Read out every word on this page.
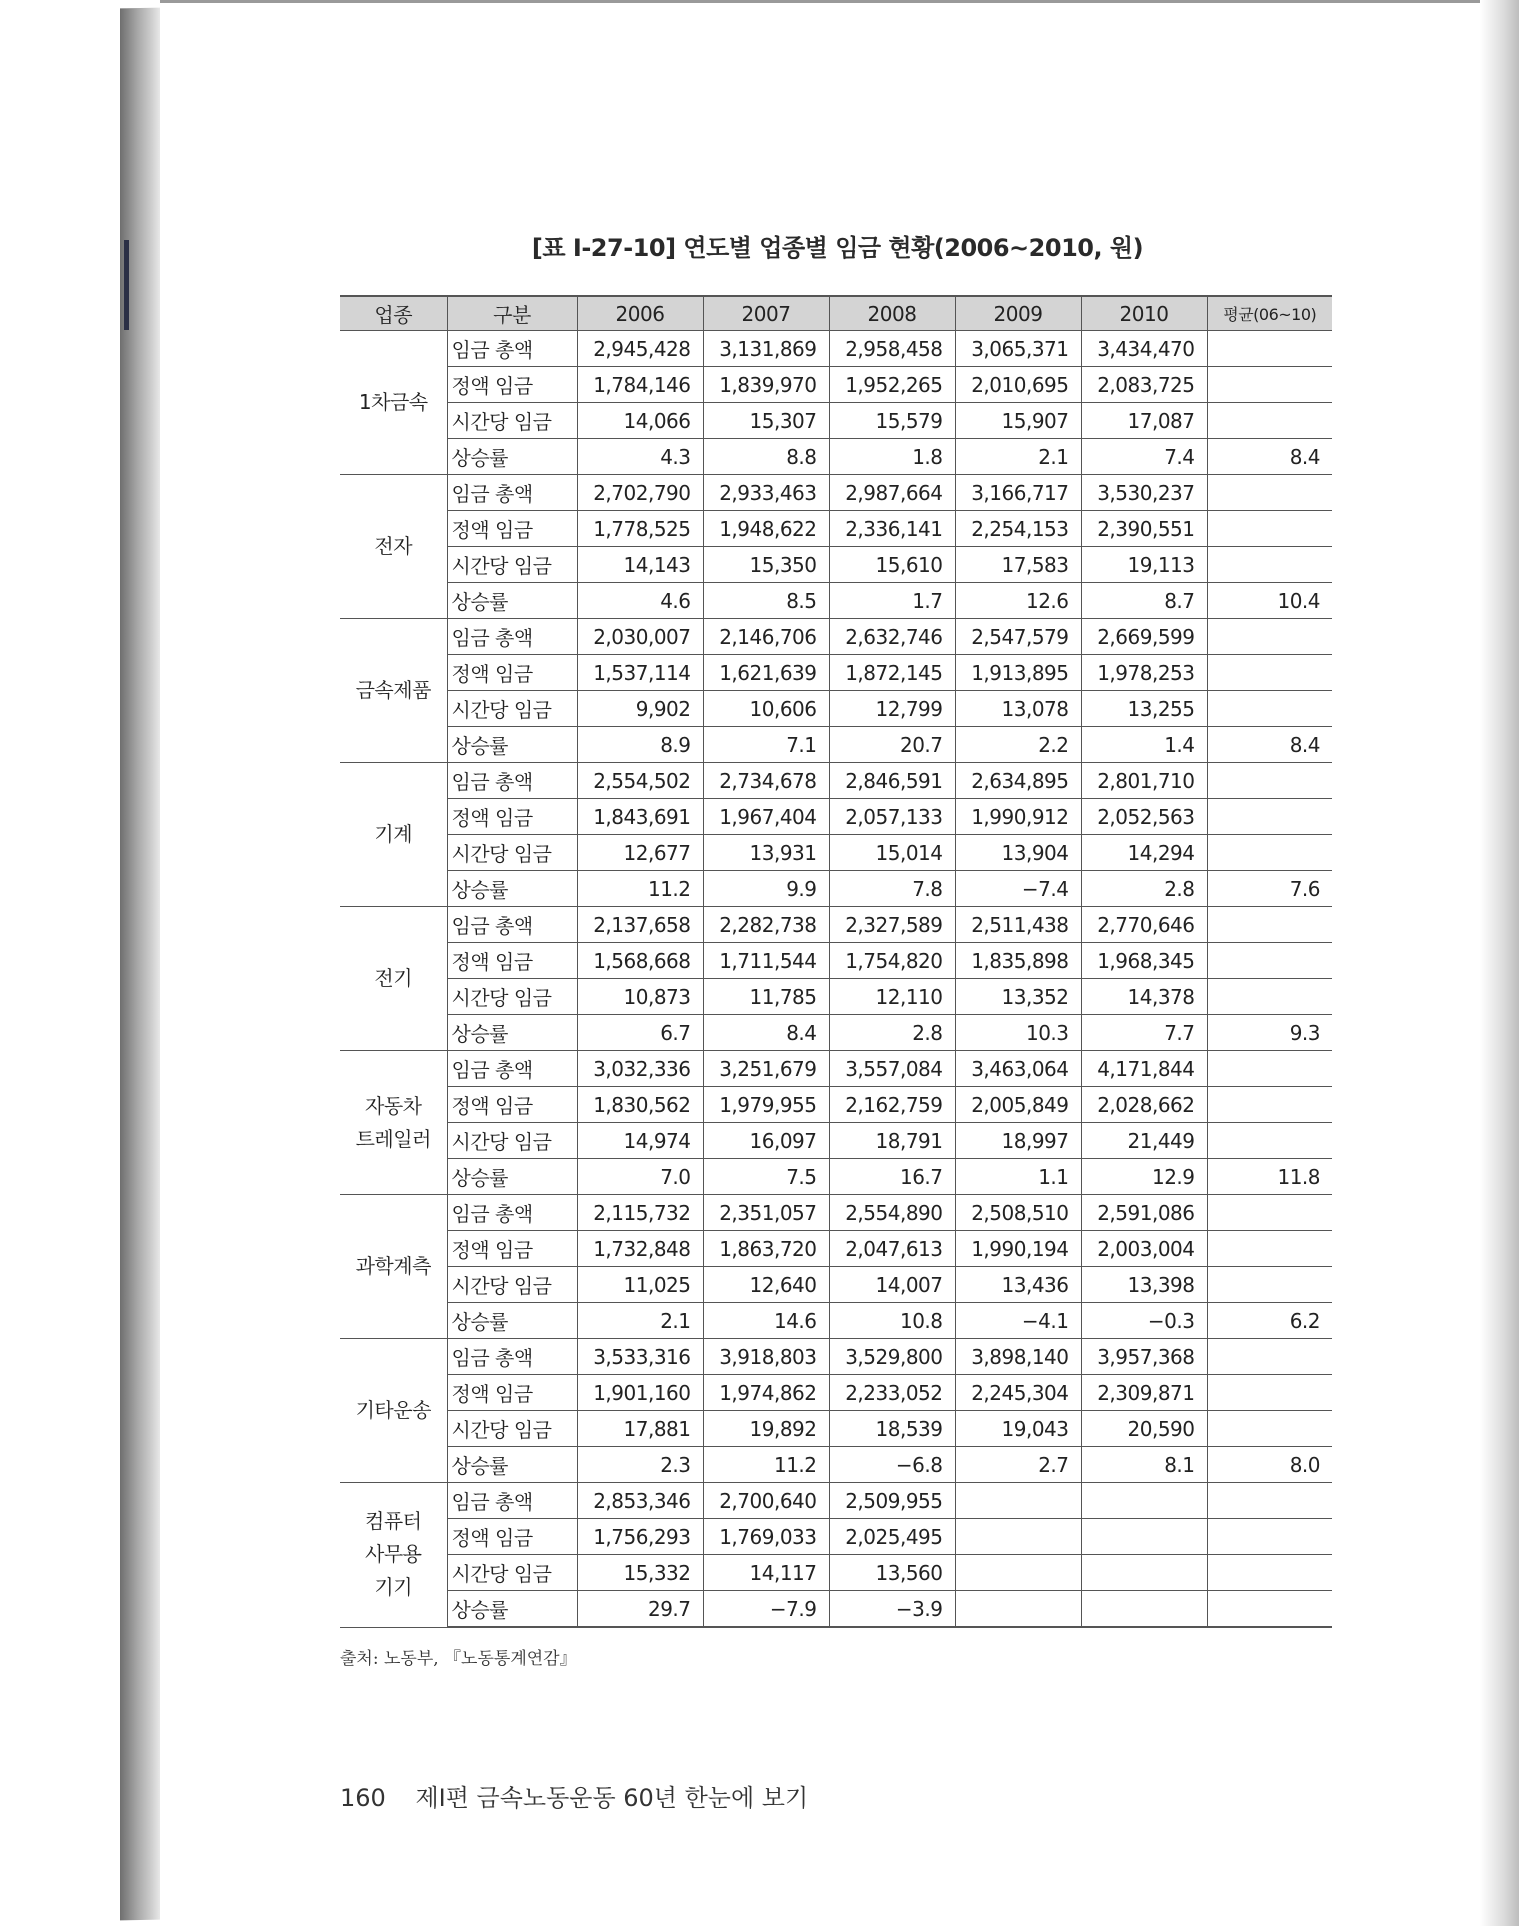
[표 Ⅰ-27-10] 연도별 업종별 임금 현황(2006~2010, 원)
업종	구분	2006	2007	2008	2009	2010	평균(06~10)

1차금속	임금 총액	2,945,428	3,131,869	2,958,458	3,065,371	3,434,470	
	정액 임금	1,784,146	1,839,970	1,952,265	2,010,695	2,083,725	
	시간당 임금	14,066	15,307	15,579	15,907	17,087	
	상승률	4.3	8.8	1.8	2.1	7.4	8.4

전자	임금 총액	2,702,790	2,933,463	2,987,664	3,166,717	3,530,237	
	정액 임금	1,778,525	1,948,622	2,336,141	2,254,153	2,390,551	
	시간당 임금	14,143	15,350	15,610	17,583	19,113	
	상승률	4.6	8.5	1.7	12.6	8.7	10.4

금속제품	임금 총액	2,030,007	2,146,706	2,632,746	2,547,579	2,669,599	
	정액 임금	1,537,114	1,621,639	1,872,145	1,913,895	1,978,253	
	시간당 임금	9,902	10,606	12,799	13,078	13,255	
	상승률	8.9	7.1	20.7	2.2	1.4	8.4

기계	임금 총액	2,554,502	2,734,678	2,846,591	2,634,895	2,801,710	
	정액 임금	1,843,691	1,967,404	2,057,133	1,990,912	2,052,563	
	시간당 임금	12,677	13,931	15,014	13,904	14,294	
	상승률	11.2	9.9	7.8	−7.4	2.8	7.6

전기	임금 총액	2,137,658	2,282,738	2,327,589	2,511,438	2,770,646	
	정액 임금	1,568,668	1,711,544	1,754,820	1,835,898	1,968,345	
	시간당 임금	10,873	11,785	12,110	13,352	14,378	
	상승률	6.7	8.4	2.8	10.3	7.7	9.3

자동차
트레일러	임금 총액	3,032,336	3,251,679	3,557,084	3,463,064	4,171,844	
	정액 임금	1,830,562	1,979,955	2,162,759	2,005,849	2,028,662	
	시간당 임금	14,974	16,097	18,791	18,997	21,449	
	상승률	7.0	7.5	16.7	1.1	12.9	11.8

과학계측	임금 총액	2,115,732	2,351,057	2,554,890	2,508,510	2,591,086	
	정액 임금	1,732,848	1,863,720	2,047,613	1,990,194	2,003,004	
	시간당 임금	11,025	12,640	14,007	13,436	13,398	
	상승률	2.1	14.6	10.8	−4.1	−0.3	6.2

기타운송	임금 총액	3,533,316	3,918,803	3,529,800	3,898,140	3,957,368	
	정액 임금	1,901,160	1,974,862	2,233,052	2,245,304	2,309,871	
	시간당 임금	17,881	19,892	18,539	19,043	20,590	
	상승률	2.3	11.2	−6.8	2.7	8.1	8.0

컴퓨터
사무용
기기	임금 총액	2,853,346	2,700,640	2,509,955			
	정액 임금	1,756,293	1,769,033	2,025,495			
	시간당 임금	15,332	14,117	13,560			
	상승률	29.7	−7.9	−3.9			
출처: 노동부, 『노동통계연감』
160 제Ⅰ편 금속노동운동 60년 한눈에 보기
